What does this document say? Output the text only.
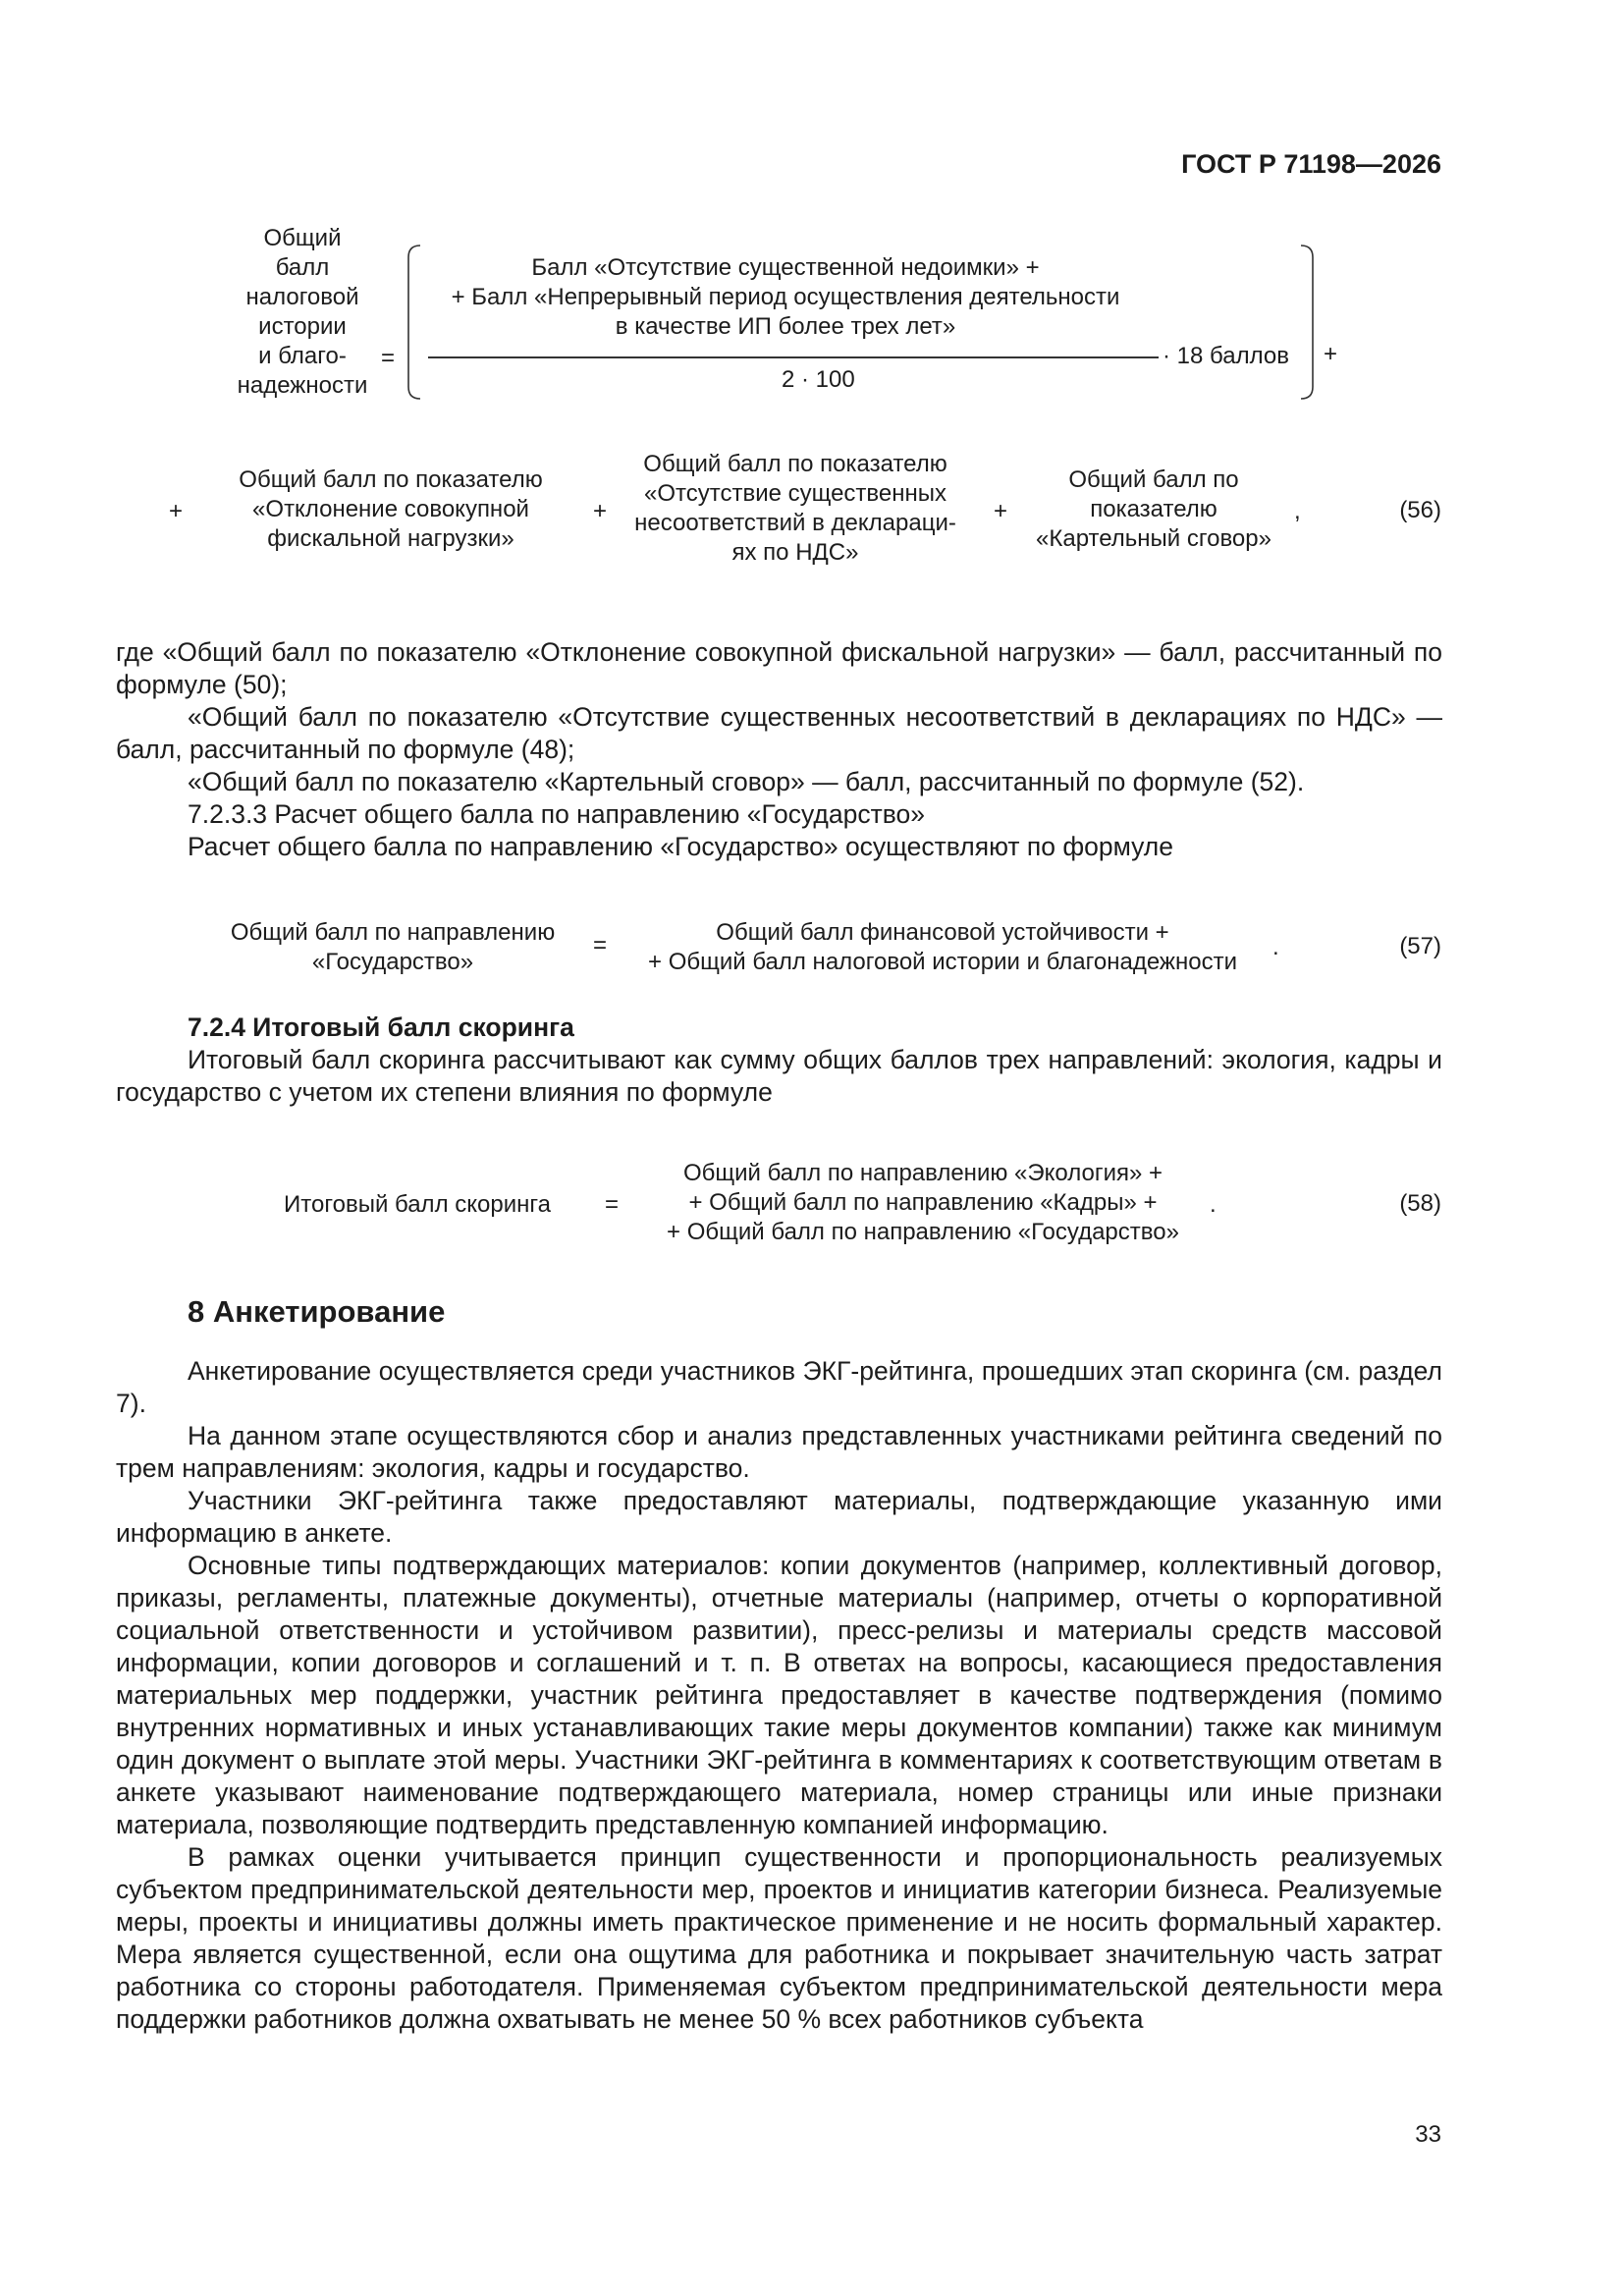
ГОСТ Р 71198—2026
Общий
балл
налоговой
истории
и благо-
надежности
=
Балл «Отсутствие существенной недоимки» +
+ Балл «Непрерывный период осуществления деятельности
в качестве ИП более трех лет»
2 · 100
· 18 баллов +
+
Общий балл по показателю
«Отклонение совокупной
фискальной нагрузки»
+
Общий балл по показателю
«Отсутствие существенных
несоответствий в деклараци-
ях по НДС»
+
Общий балл по
показателю
«Картельный сговор»
,	(56)
где «Общий балл по показателю «Отклонение совокупной фискальной нагрузки» — балл, рассчитанный по формуле (50);
«Общий балл по показателю «Отсутствие существенных несоответствий в декларациях по НДС» — балл, рассчитанный по формуле (48);
«Общий балл по показателю «Картельный сговор» — балл, рассчитанный по формуле (52).
7.2.3.3 Расчет общего балла по направлению «Государство»
Расчет общего балла по направлению «Государство» осуществляют по формуле
Общий балл по направлению
«Государство»
=	Общий балл финансовой устойчивости +
+ Общий балл налоговой истории и благонадежности
.	(57)
7.2.4 Итоговый балл скоринга
Итоговый балл скоринга рассчитывают как сумму общих баллов трех направлений: экология, кадры и государство с учетом их степени влияния по формуле
Итоговый балл скоринга	=
Общий балл по направлению «Экология» +
+ Общий балл по направлению «Кадры» +
+ Общий балл по направлению «Государство»
.	(58)
8 Анкетирование
Анкетирование осуществляется среди участников ЭКГ-рейтинга, прошедших этап скоринга (см. раздел 7).
На данном этапе осуществляются сбор и анализ представленных участниками рейтинга сведений по трем направлениям: экология, кадры и государство.
Участники ЭКГ-рейтинга также предоставляют материалы, подтверждающие указанную ими информацию в анкете.
Основные типы подтверждающих материалов: копии документов (например, коллективный договор, приказы, регламенты, платежные документы), отчетные материалы (например, отчеты о корпоративной социальной ответственности и устойчивом развитии), пресс-релизы и материалы средств массовой информации, копии договоров и соглашений и т. п. В ответах на вопросы, касающиеся предоставления материальных мер поддержки, участник рейтинга предоставляет в качестве подтверждения (помимо внутренних нормативных и иных устанавливающих такие меры документов компании) также как минимум один документ о выплате этой меры. Участники ЭКГ-рейтинга в комментариях к соответствующим ответам в анкете указывают наименование подтверждающего материала, номер страницы или иные признаки материала, позволяющие подтвердить представленную компанией информацию.
В рамках оценки учитывается принцип существенности и пропорциональность реализуемых субъектом предпринимательской деятельности мер, проектов и инициатив категории бизнеса. Реализуемые меры, проекты и инициативы должны иметь практическое применение и не носить формальный характер. Мера является существенной, если она ощутима для работника и покрывает значительную часть затрат работника со стороны работодателя. Применяемая субъектом предпринимательской деятельности мера поддержки работников должна охватывать не менее 50 % всех работников субъекта
33
